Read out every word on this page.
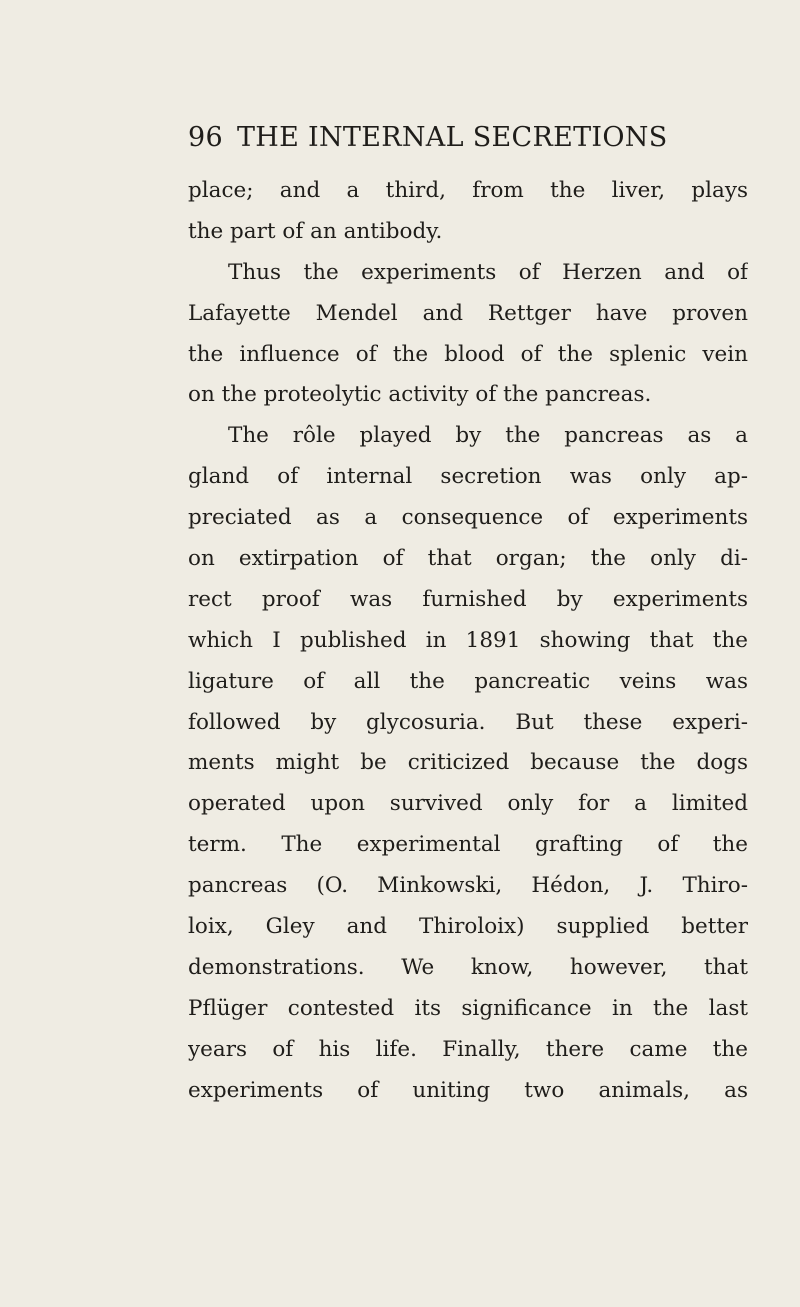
96 THE INTERNAL SECRETIONS
place; and a third, from the liver, plays
the part of an antibody.
Thus the experiments of Herzen and of
Lafayette Mendel and Rettger have proven
the influence of the blood of the splenic vein
on the proteolytic activity of the pancreas.
The rôle played by the pancreas as a
gland of internal secretion was only ap-
preciated as a consequence of experiments
on extirpation of that organ; the only di-
rect proof was furnished by experiments
which I published in 1891 showing that the
ligature of all the pancreatic veins was
followed by glycosuria. But these experi-
ments might be criticized because the dogs
operated upon survived only for a limited
term. The experimental grafting of the
pancreas (O. Minkowski, Hédon, J. Thiro-
loix, Gley and Thiroloix) supplied better
demonstrations. We know, however, that
Pflüger contested its significance in the last
years of his life. Finally, there came the
experiments of uniting two animals, as
